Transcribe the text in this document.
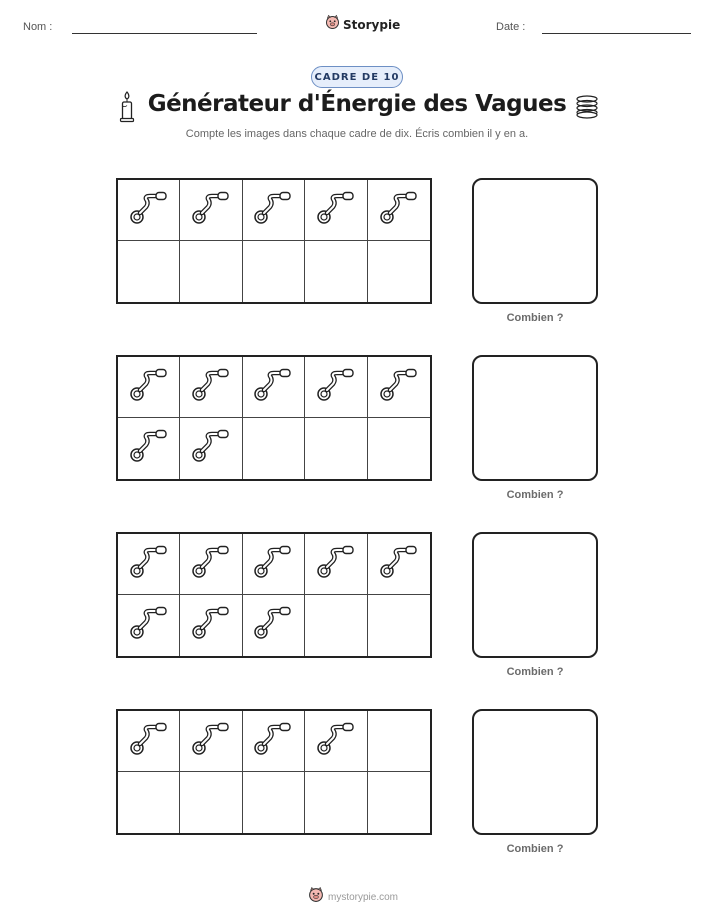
Nom :	Storypie	Date :
CADRE DE 10
Générateur d'Énergie des Vagues
Compte les images dans chaque cadre de dix. Écris combien il y en a.
Combien ?
Combien ?
Combien ?
Combien ?
mystorypie.com
